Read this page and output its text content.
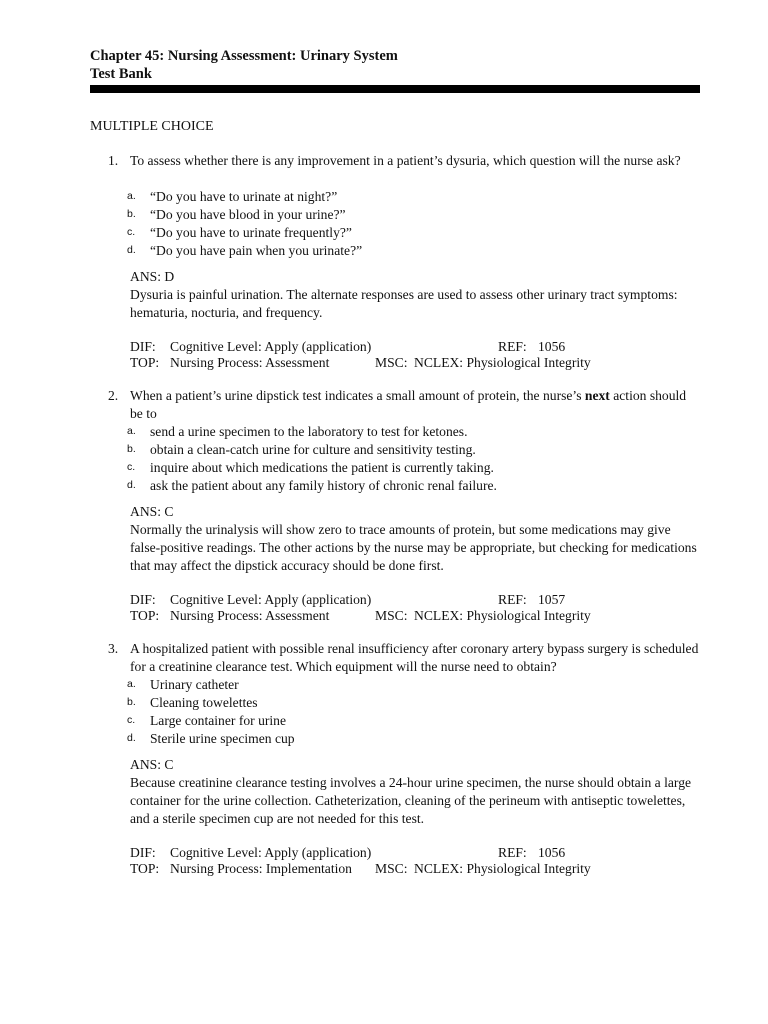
Chapter 45: Nursing Assessment: Urinary System
Test Bank
MULTIPLE CHOICE
1. To assess whether there is any improvement in a patient’s dysuria, which question will the nurse ask?
a. “Do you have to urinate at night?”
b. “Do you have blood in your urine?”
c. “Do you have to urinate frequently?”
d. “Do you have pain when you urinate?”
ANS: D
Dysuria is painful urination. The alternate responses are used to assess other urinary tract symptoms: hematuria, nocturia, and frequency.
DIF: Cognitive Level: Apply (application)	REF: 1056
TOP: Nursing Process: Assessment	MSC: NCLEX: Physiological Integrity
2. When a patient’s urine dipstick test indicates a small amount of protein, the nurse’s next action should be to
a. send a urine specimen to the laboratory to test for ketones.
b. obtain a clean-catch urine for culture and sensitivity testing.
c. inquire about which medications the patient is currently taking.
d. ask the patient about any family history of chronic renal failure.
ANS: C
Normally the urinalysis will show zero to trace amounts of protein, but some medications may give false-positive readings. The other actions by the nurse may be appropriate, but checking for medications that may affect the dipstick accuracy should be done first.
DIF: Cognitive Level: Apply (application)	REF: 1057
TOP: Nursing Process: Assessment	MSC: NCLEX: Physiological Integrity
3. A hospitalized patient with possible renal insufficiency after coronary artery bypass surgery is scheduled for a creatinine clearance test. Which equipment will the nurse need to obtain?
a. Urinary catheter
b. Cleaning towelettes
c. Large container for urine
d. Sterile urine specimen cup
ANS: C
Because creatinine clearance testing involves a 24-hour urine specimen, the nurse should obtain a large container for the urine collection. Catheterization, cleaning of the perineum with antiseptic towelettes, and a sterile specimen cup are not needed for this test.
DIF: Cognitive Level: Apply (application)	REF: 1056
TOP: Nursing Process: Implementation MSC: NCLEX: Physiological Integrity
